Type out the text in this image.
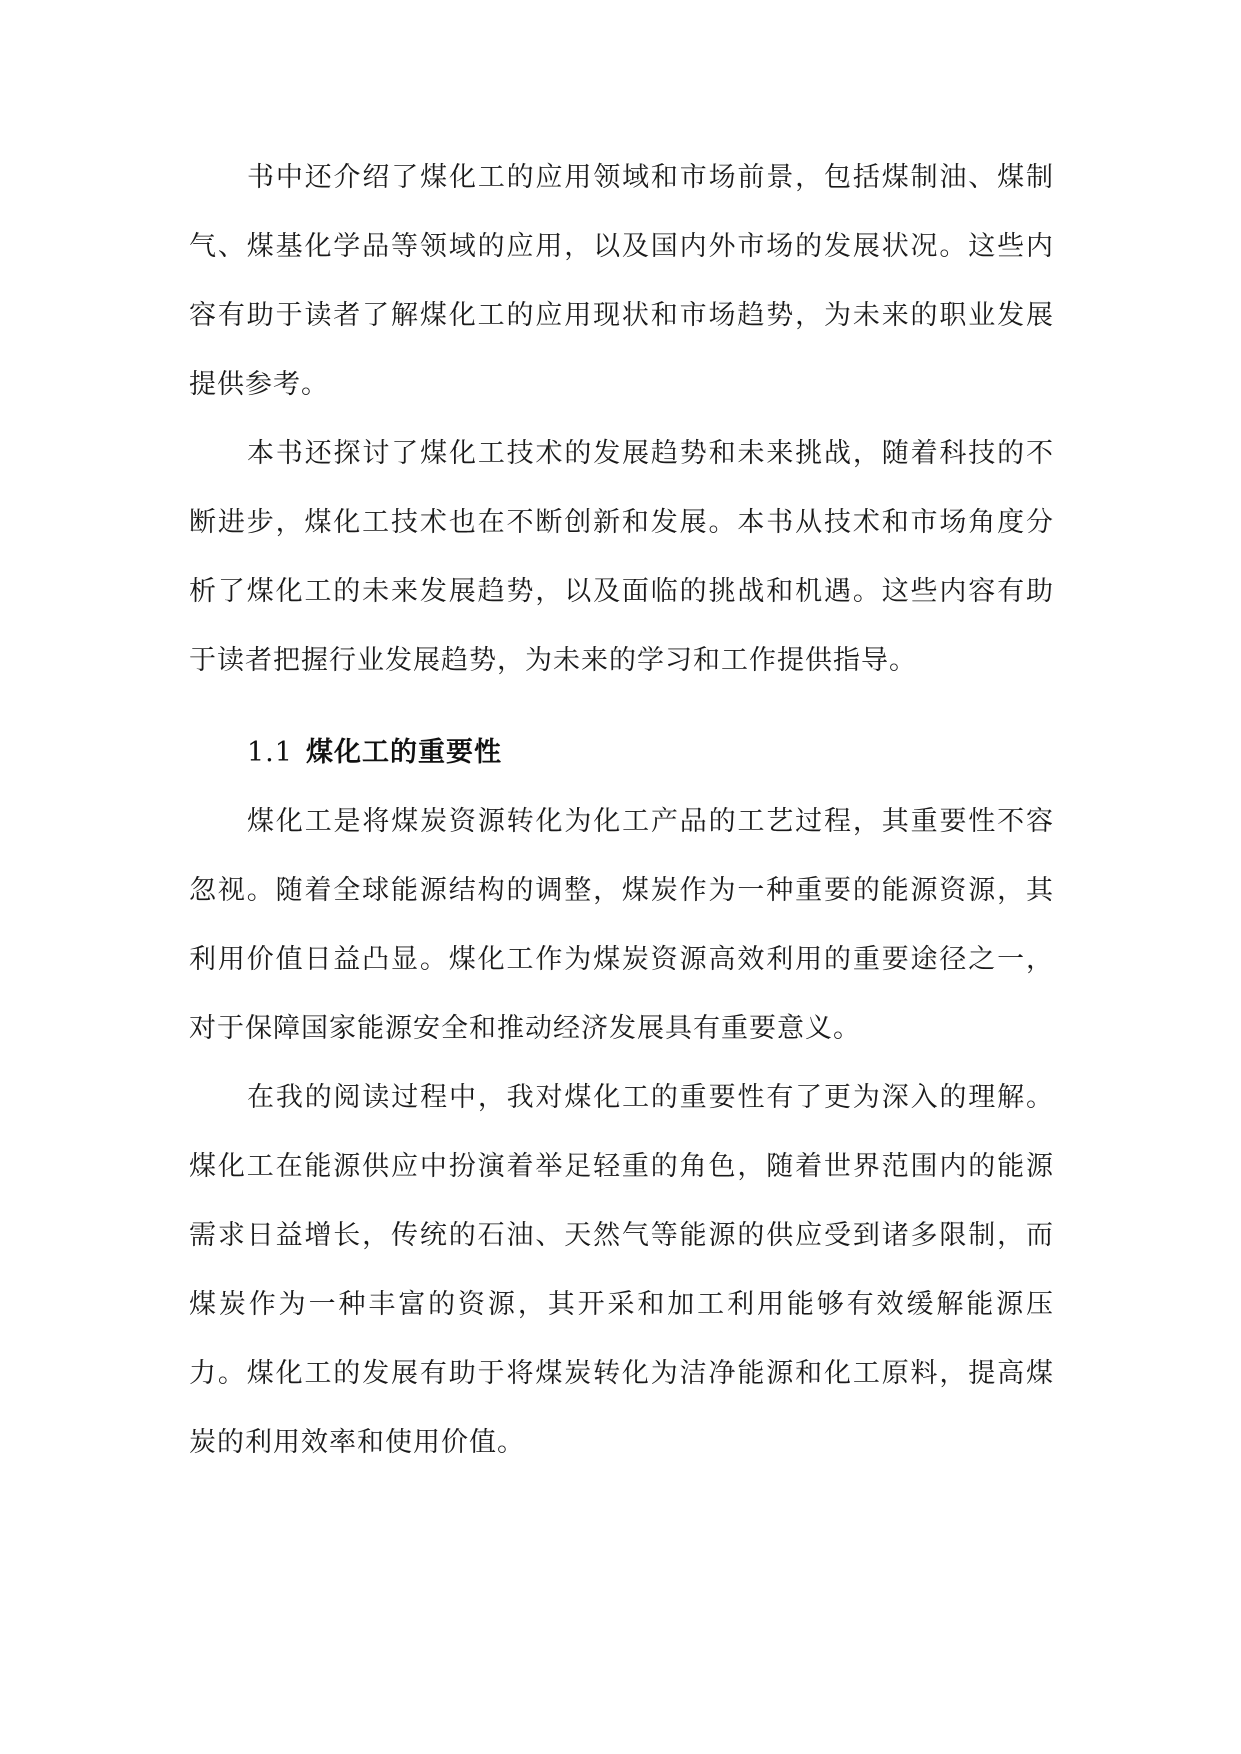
书中还介绍了煤化工的应用领域和市场前景，包括煤制油、煤制气、煤基化学品等领域的应用，以及国内外市场的发展状况。这些内容有助于读者了解煤化工的应用现状和市场趋势，为未来的职业发展提供参考。

本书还探讨了煤化工技术的发展趋势和未来挑战，随着科技的不断进步，煤化工技术也在不断创新和发展。本书从技术和市场角度分析了煤化工的未来发展趋势，以及面临的挑战和机遇。这些内容有助于读者把握行业发展趋势，为未来的学习和工作提供指导。

1.1 煤化工的重要性

煤化工是将煤炭资源转化为化工产品的工艺过程，其重要性不容忽视。随着全球能源结构的调整，煤炭作为一种重要的能源资源，其利用价值日益凸显。煤化工作为煤炭资源高效利用的重要途径之一，对于保障国家能源安全和推动经济发展具有重要意义。

在我的阅读过程中，我对煤化工的重要性有了更为深入的理解。煤化工在能源供应中扮演着举足轻重的角色，随着世界范围内的能源需求日益增长，传统的石油、天然气等能源的供应受到诸多限制，而煤炭作为一种丰富的资源，其开采和加工利用能够有效缓解能源压力。煤化工的发展有助于将煤炭转化为洁净能源和化工原料，提高煤炭的利用效率和使用价值。
